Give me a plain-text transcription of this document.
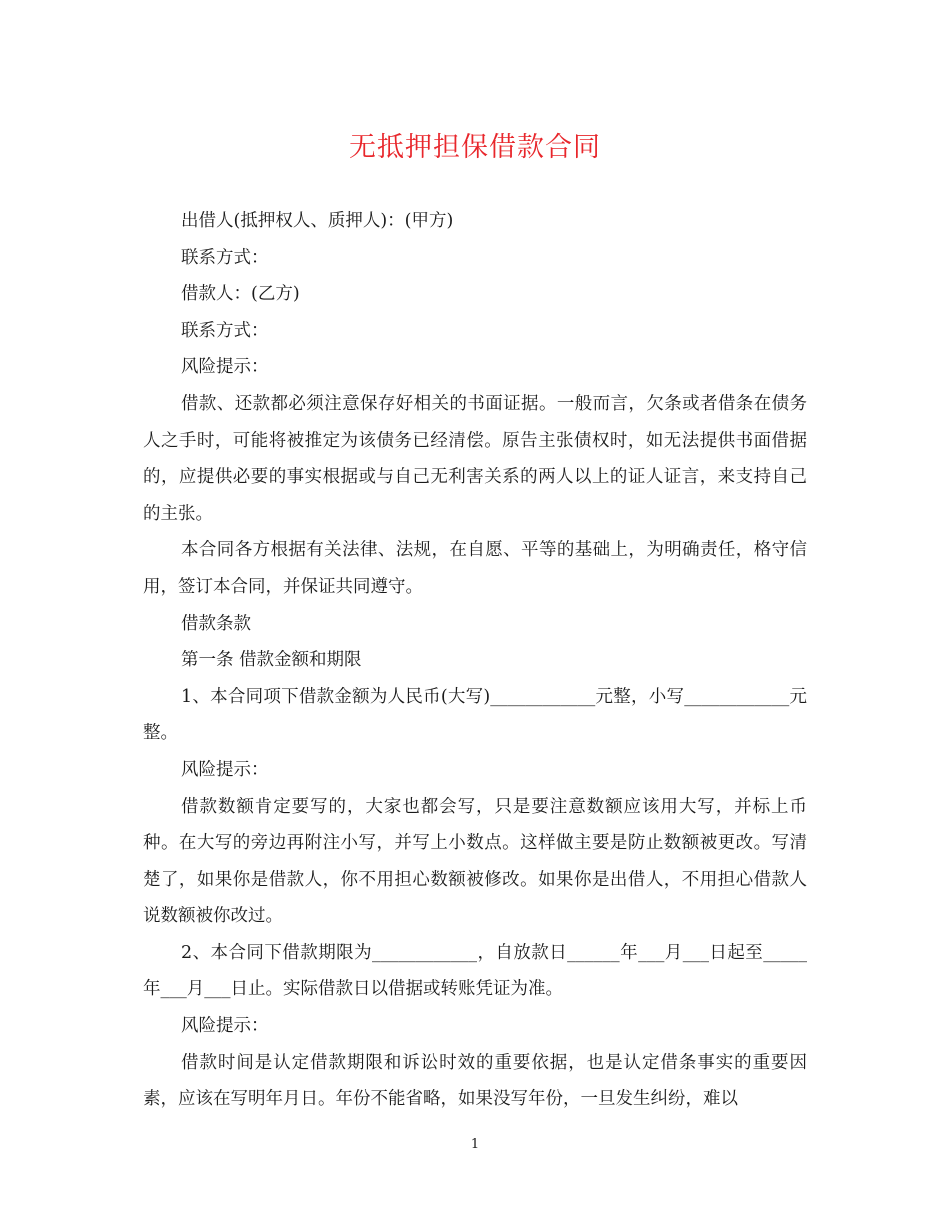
无抵押担保借款合同

出借人(抵押权人、质押人)：(甲方)

联系方式：

借款人：(乙方)

联系方式：

风险提示：

借款、还款都必须注意保存好相关的书面证据。一般而言，欠条或者借条在债务人之手时，可能将被推定为该债务已经清偿。原告主张债权时，如无法提供书面借据的，应提供必要的事实根据或与自己无利害关系的两人以上的证人证言，来支持自己的主张。

本合同各方根据有关法律、法规，在自愿、平等的基础上，为明确责任，格守信用，签订本合同，并保证共同遵守。

借款条款

第一条 借款金额和期限

1、本合同项下借款金额为人民币(大写)____________元整，小写____________元整。

风险提示：

借款数额肯定要写的，大家也都会写，只是要注意数额应该用大写，并标上币种。在大写的旁边再附注小写，并写上小数点。这样做主要是防止数额被更改。写清楚了，如果你是借款人，你不用担心数额被修改。如果你是出借人，不用担心借款人说数额被你改过。

2、本合同下借款期限为____________，自放款日______年___月___日起至_____年___月___日止。实际借款日以借据或转账凭证为准。

风险提示：

借款时间是认定借款期限和诉讼时效的重要依据，也是认定借条事实的重要因素，应该在写明年月日。年份不能省略，如果没写年份，一旦发生纠纷，难以

1
